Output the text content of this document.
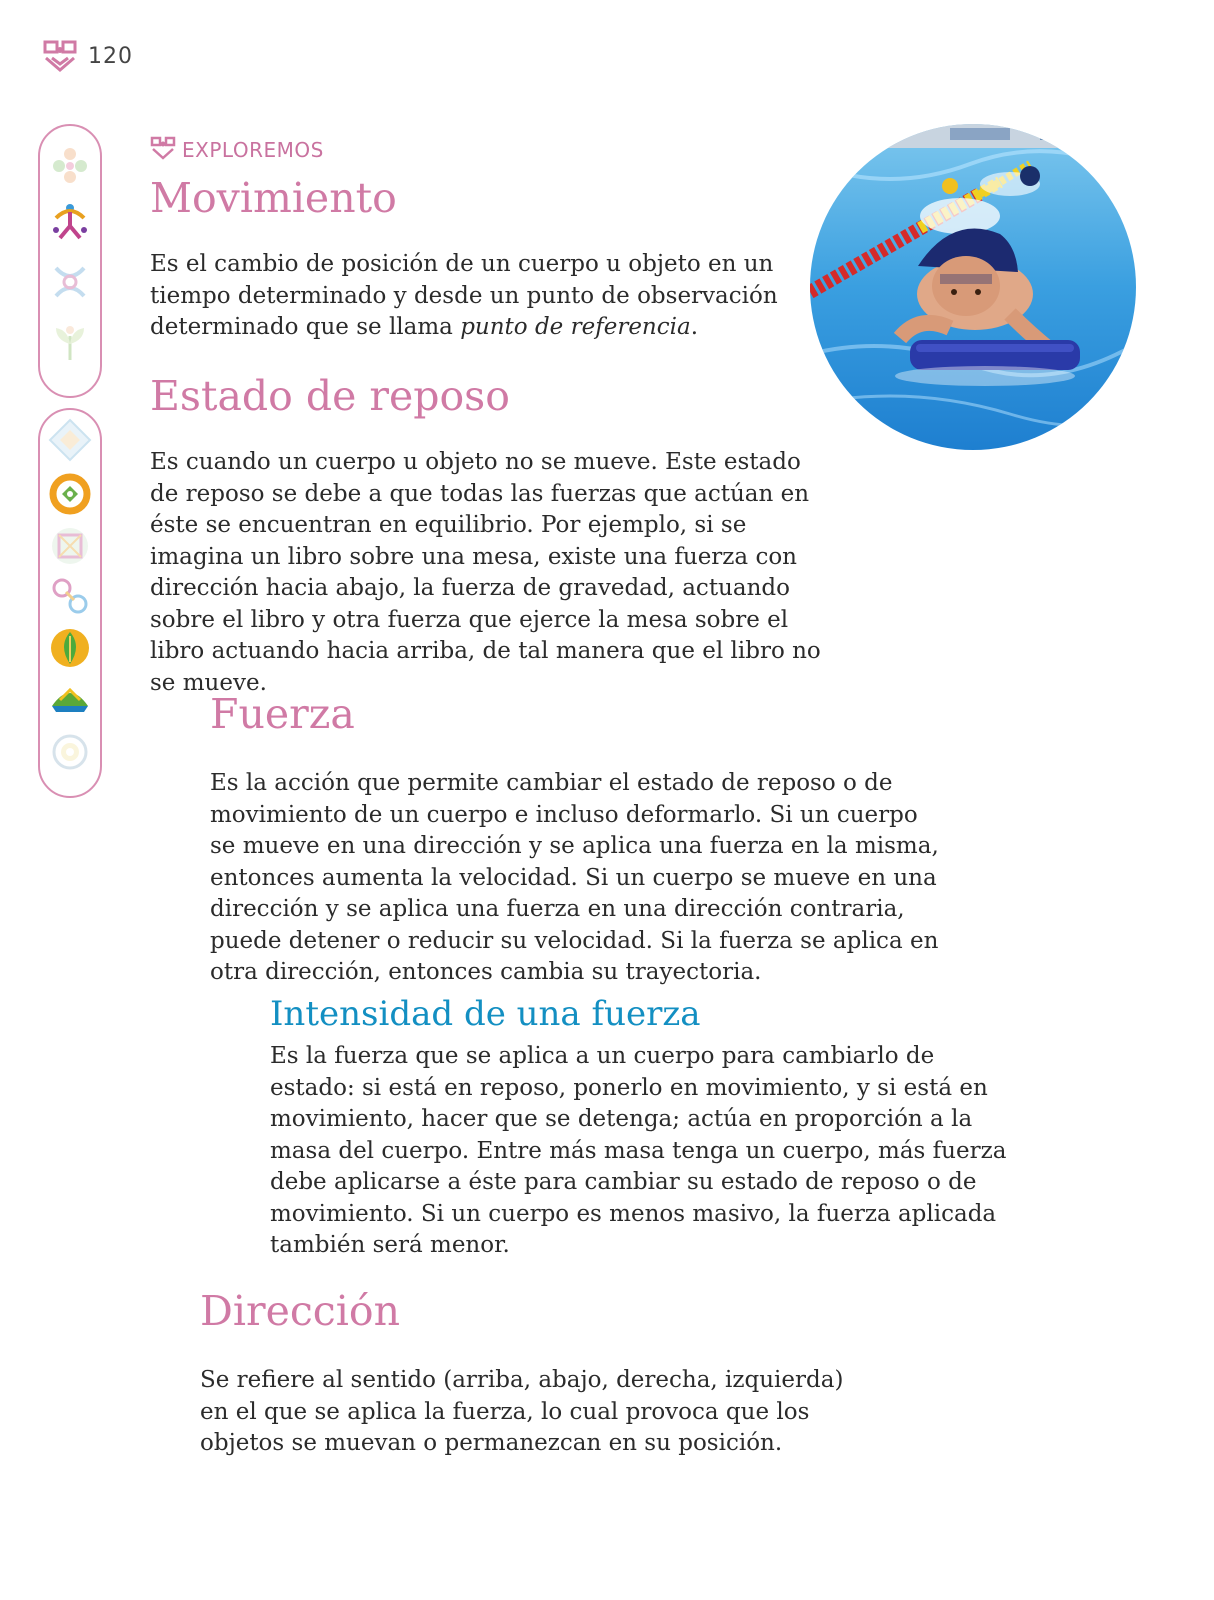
120
EXPLOREMOS
Movimiento

Es el cambio de posición de un cuerpo u objeto en un tiempo determinado y desde un punto de observación determinado que se llama punto de referencia.

Estado de reposo

Es cuando un cuerpo u objeto no se mueve. Este estado de reposo se debe a que todas las fuerzas que actúan en éste se encuentran en equilibrio. Por ejemplo, si se imagina un libro sobre una mesa, existe una fuerza con dirección hacia abajo, la fuerza de gravedad, actuando sobre el libro y otra fuerza que ejerce la mesa sobre el libro actuando hacia arriba, de tal manera que el libro no se mueve.

Fuerza

Es la acción que permite cambiar el estado de reposo o de movimiento de un cuerpo e incluso deformarlo. Si un cuerpo se mueve en una dirección y se aplica una fuerza en la misma, entonces aumenta la velocidad. Si un cuerpo se mueve en una dirección y se aplica una fuerza en una dirección contraria, puede detener o reducir su velocidad. Si la fuerza se aplica en otra dirección, entonces cambia su trayectoria.

Intensidad de una fuerza

Es la fuerza que se aplica a un cuerpo para cambiarlo de estado: si está en reposo, ponerlo en movimiento, y si está en movimiento, hacer que se detenga; actúa en proporción a la masa del cuerpo. Entre más masa tenga un cuerpo, más fuerza debe aplicarse a éste para cambiar su estado de reposo o de movimiento. Si un cuerpo es menos masivo, la fuerza aplicada también será menor.

Dirección

Se refiere al sentido (arriba, abajo, derecha, izquierda) en el que se aplica la fuerza, lo cual provoca que los objetos se muevan o permanezcan en su posición.
